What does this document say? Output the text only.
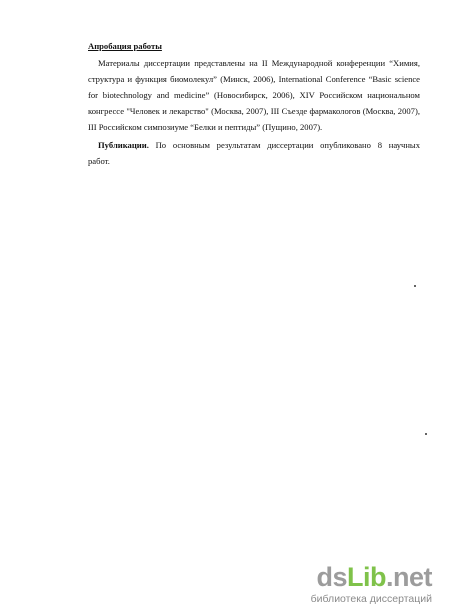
Апробация работы
Материалы диссертации представлены на II Международной конференции “Химия,
структура и функция биомолекул” (Минск, 2006), International Conference “Basic science
for biotechnology and medicine” (Новосибирск, 2006), XIV Российском национальном
конгрессе "Человек и лекарство" (Москва, 2007), III Съезде фармакологов (Москва, 2007),
III Российском симпозиуме “Белки и пептиды” (Пущино, 2007).
Публикации. По основным результатам диссертации опубликовано 8 научных
работ.
dsLib.net
библиотека диссертаций
